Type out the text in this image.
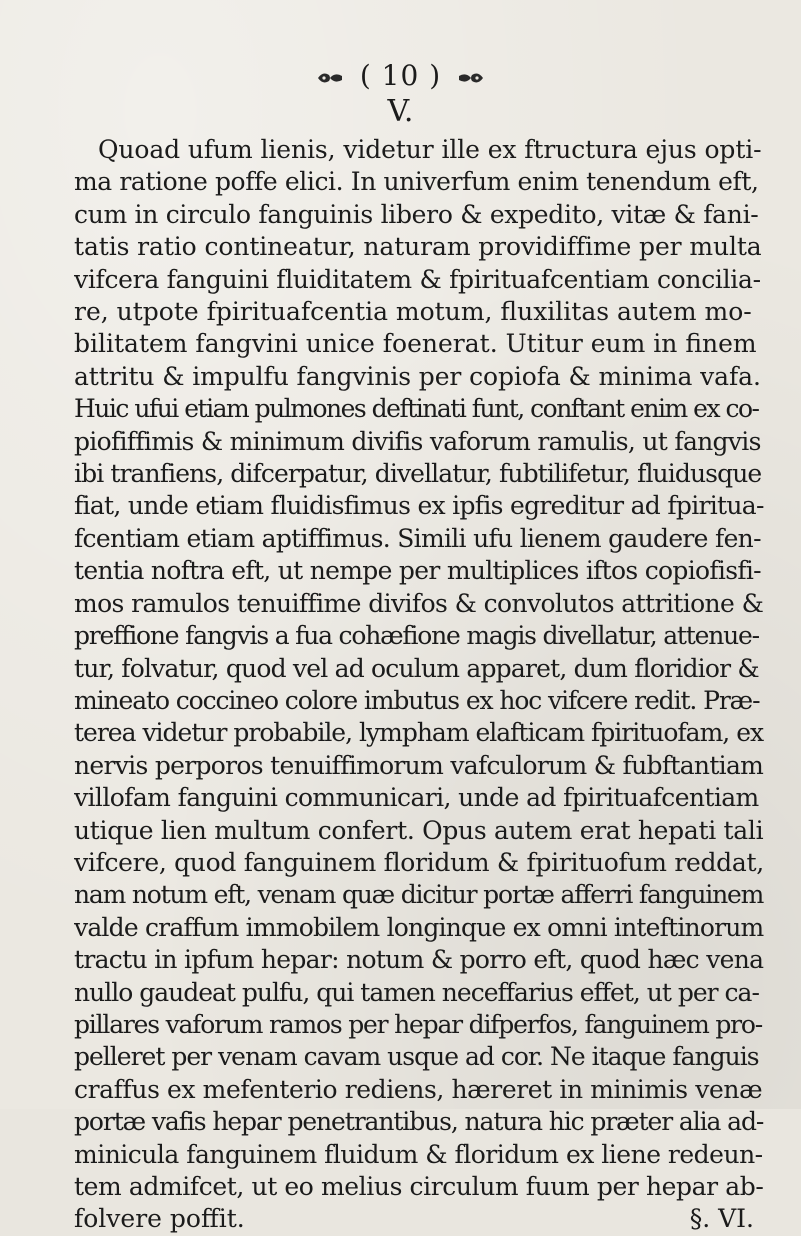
( 10 )
V.
Quoad ufum lienis, videtur ille ex ftructura ejus opti-
ma ratione poffe elici. In univerfum enim tenendum eft,
cum in circulo fanguinis libero & expedito, vitæ & fani-
tatis ratio contineatur, naturam providiffime per multa
vifcera fanguini fluiditatem & fpirituafcentiam concilia-
re, utpote fpirituafcentia motum, fluxilitas autem mo-
bilitatem fangvini unice foenerat. Utitur eum in finem
attritu & impulfu fangvinis per copiofa & minima vafa.
Huic ufui etiam pulmones deftinati funt, conftant enim ex co-
piofiffimis & minimum divifis vaforum ramulis, ut fangvis
ibi tranfiens, difcerpatur, divellatur, fubtilifetur, fluidusque
fiat, unde etiam fluidisfimus ex ipfis egreditur ad fpiritua-
fcentiam etiam aptiffimus. Simili ufu lienem gaudere fen-
tentia noftra eft, ut nempe per multiplices iftos copiofisfi-
mos ramulos tenuiffime divifos & convolutos attritione &
preffione fangvis a fua cohæfione magis divellatur, attenue-
tur, folvatur, quod vel ad oculum apparet, dum floridior &
mineato coccineo colore imbutus ex hoc vifcere redit. Præ-
terea videtur probabile, lympham elafticam fpirituofam, ex
nervis perporos tenuiffimorum vafculorum & fubftantiam
villofam fanguini communicari, unde ad fpirituafcentiam
utique lien multum confert. Opus autem erat hepati tali
vifcere, quod fanguinem floridum & fpirituofum reddat,
nam notum eft, venam quæ dicitur portæ afferri fanguinem
valde craffum immobilem longinque ex omni inteftinorum
tractu in ipfum hepar: notum & porro eft, quod hæc vena
nullo gaudeat pulfu, qui tamen neceffarius effet, ut per ca-
pillares vaforum ramos per hepar difperfos, fanguinem pro-
pelleret per venam cavam usque ad cor. Ne itaque fanguis
craffus ex mefenterio rediens, hæreret in minimis venæ
portæ vafis hepar penetrantibus, natura hic præter alia ad-
minicula fanguinem fluidum & floridum ex liene redeun-
tem admifcet, ut eo melius circulum fuum per hepar ab-
folvere poffit.	§. VI.
